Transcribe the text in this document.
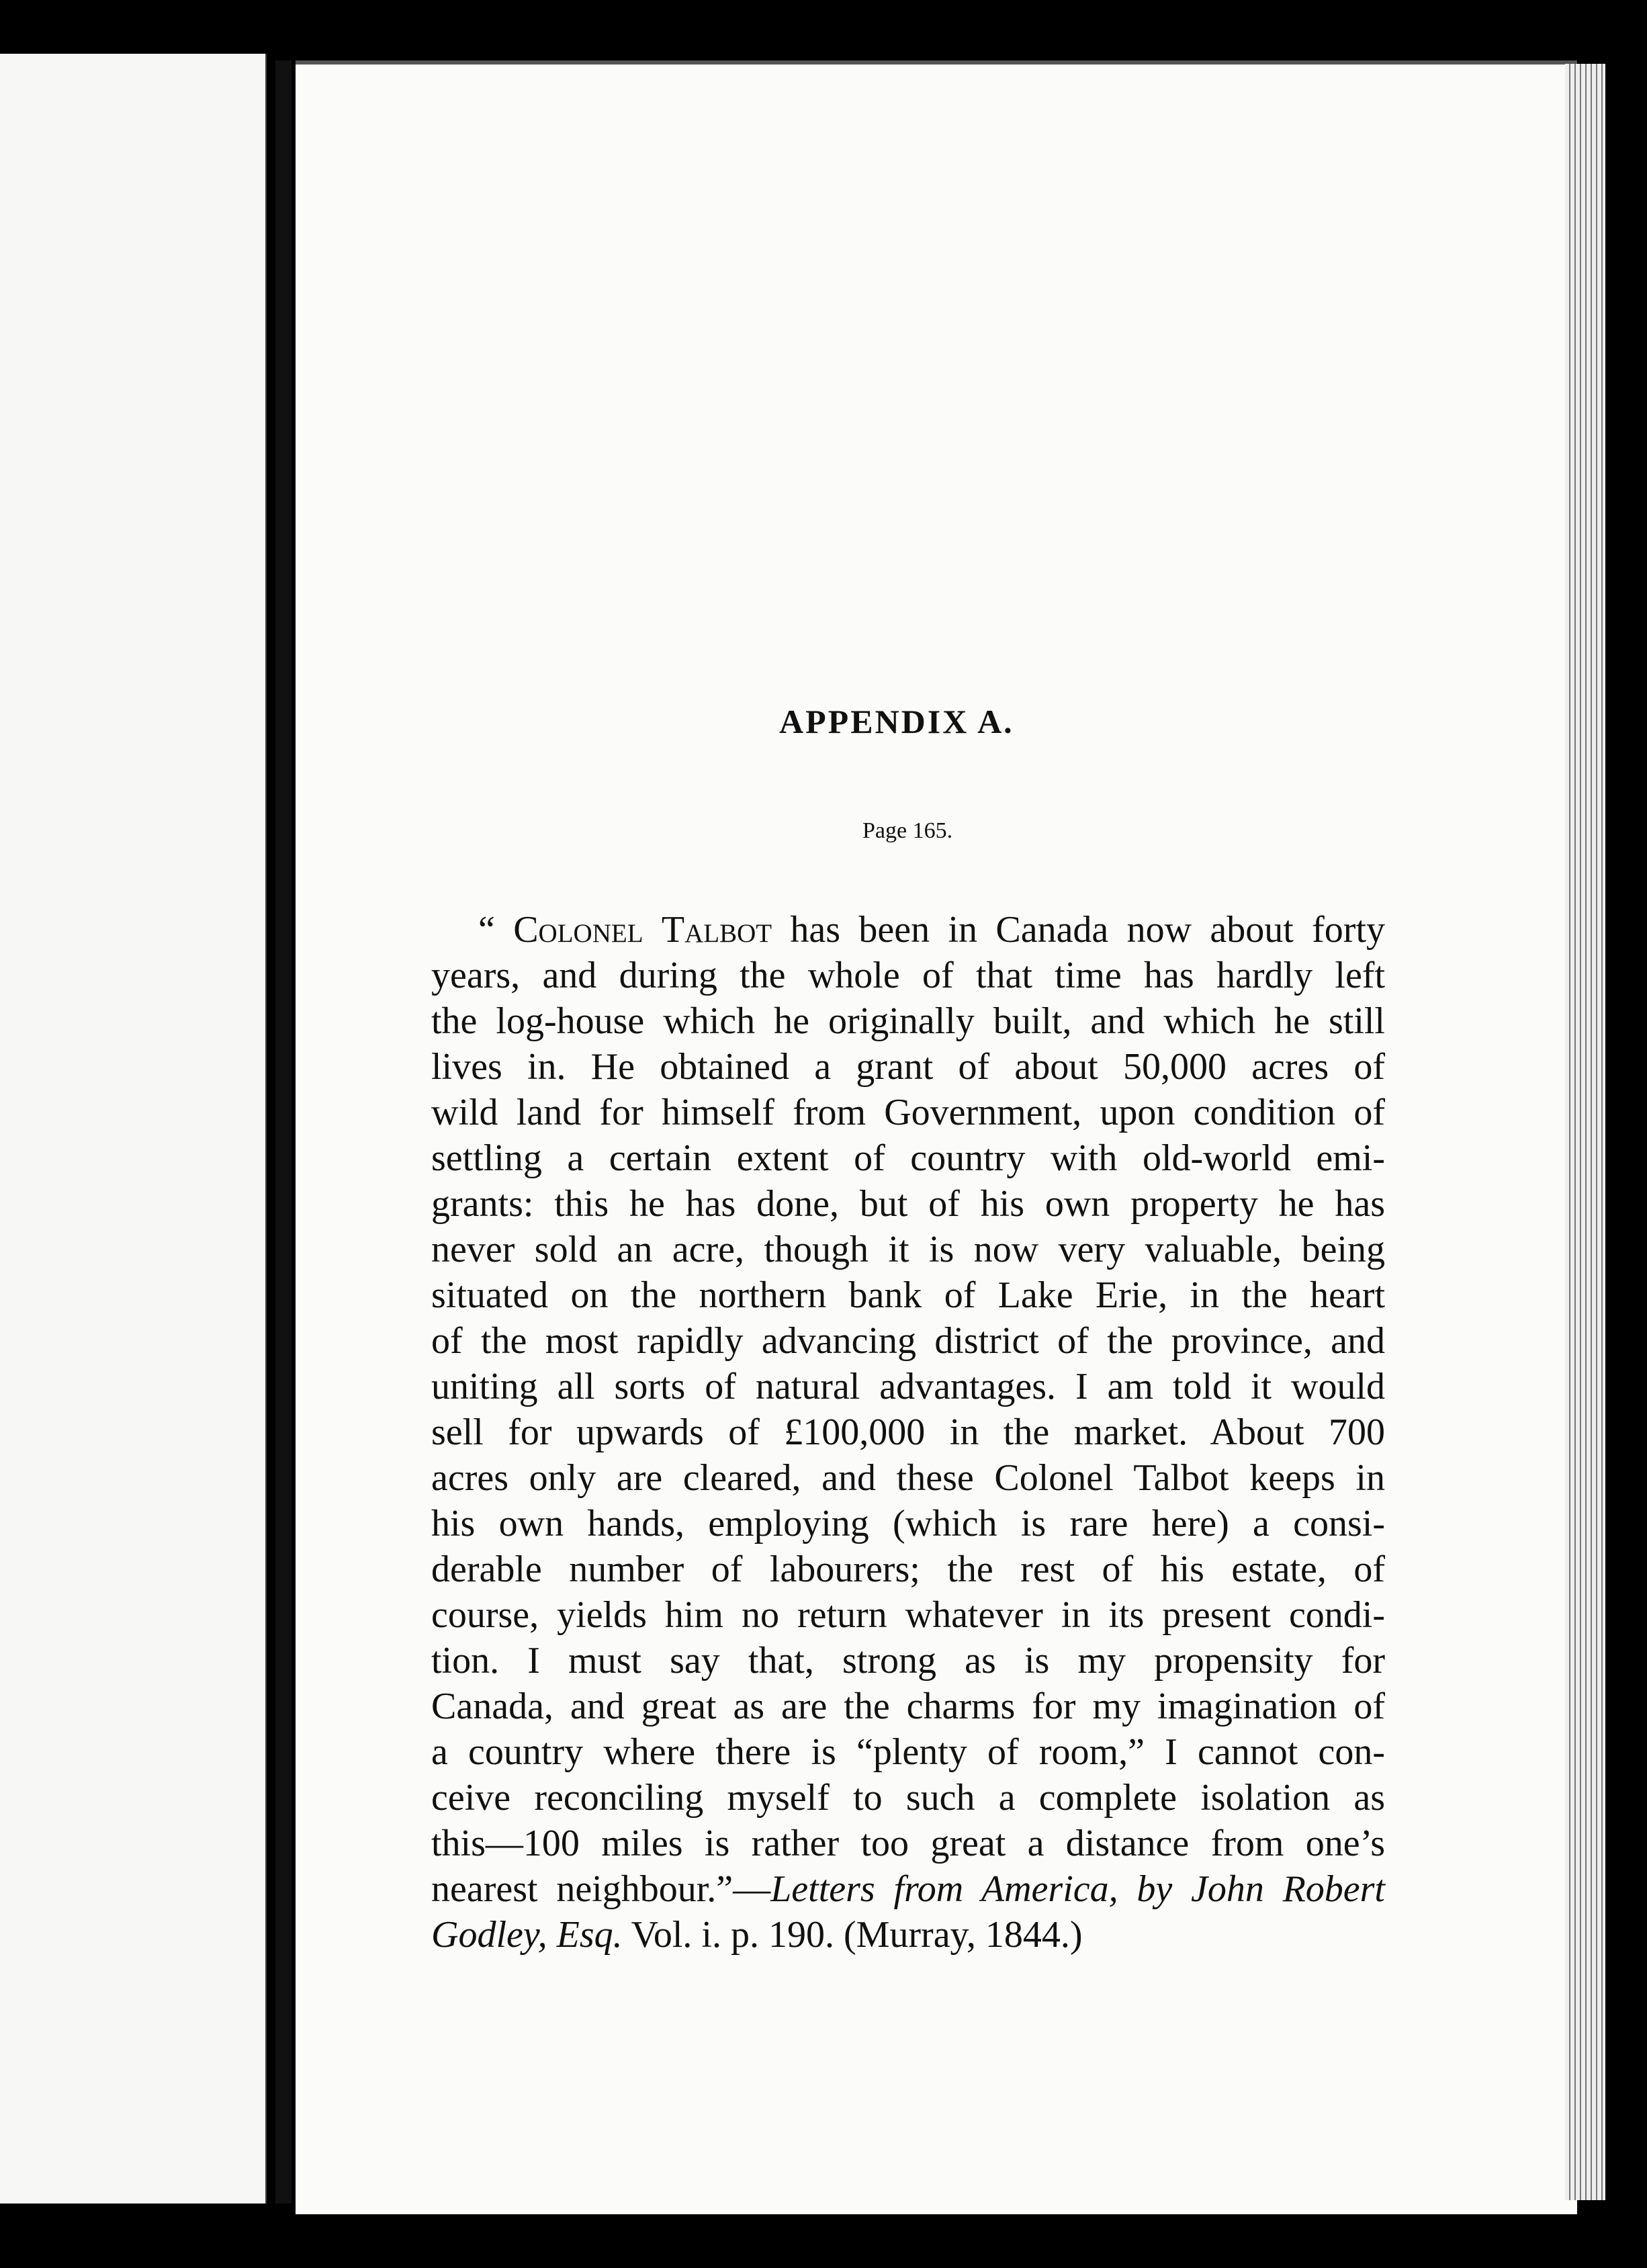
APPENDIX A.
Page 165.
“ Colonel Talbot has been in Canada now about forty
years, and during the whole of that time has hardly left
the log-house which he originally built, and which he still
lives in. He obtained a grant of about 50,000 acres of
wild land for himself from Government, upon condition of
settling a certain extent of country with old-world emi-
grants: this he has done, but of his own property he has
never sold an acre, though it is now very valuable, being
situated on the northern bank of Lake Erie, in the heart
of the most rapidly advancing district of the province, and
uniting all sorts of natural advantages. I am told it would
sell for upwards of £100,000 in the market. About 700
acres only are cleared, and these Colonel Talbot keeps in
his own hands, employing (which is rare here) a consi-
derable number of labourers; the rest of his estate, of
course, yields him no return whatever in its present condi-
tion. I must say that, strong as is my propensity for
Canada, and great as are the charms for my imagination of
a country where there is “plenty of room,” I cannot con-
ceive reconciling myself to such a complete isolation as
this—100 miles is rather too great a distance from one’s
nearest neighbour.”—Letters from America, by John Robert
Godley, Esq. Vol. i. p. 190. (Murray, 1844.)
